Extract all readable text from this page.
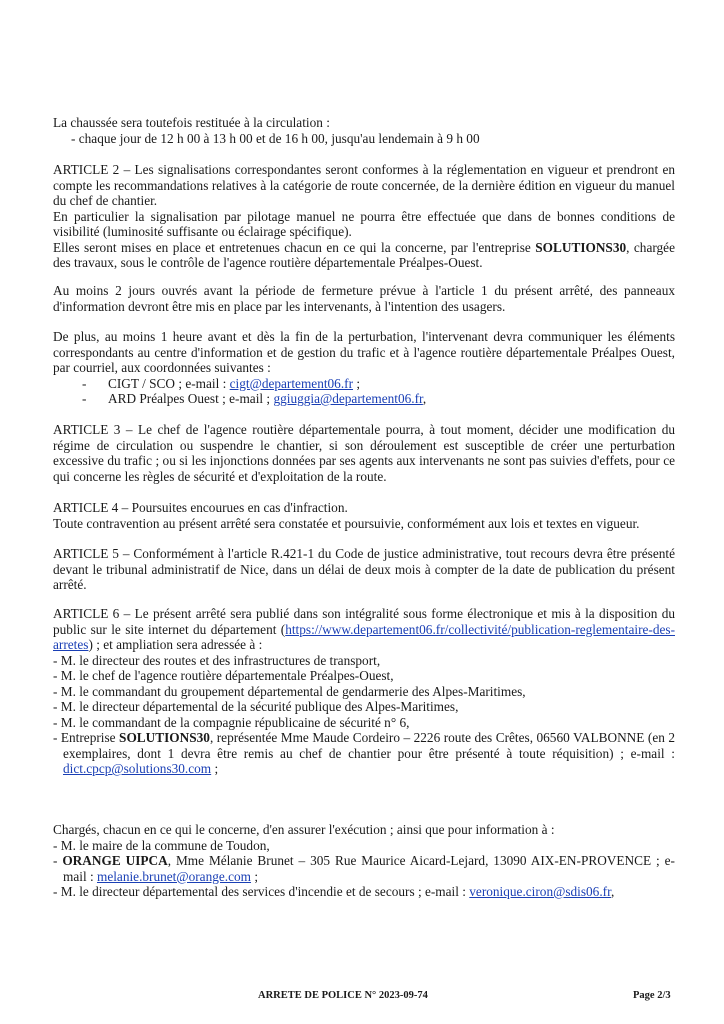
La chaussée sera toutefois restituée à la circulation :

- chaque jour de 12 h 00 à 13 h 00 et de 16 h 00, jusqu'au lendemain à 9 h 00

ARTICLE 2 – Les signalisations correspondantes seront conformes à la réglementation en vigueur et prendront en compte les recommandations relatives à la catégorie de route concernée, de la dernière édition en vigueur du manuel du chef de chantier.

En particulier la signalisation par pilotage manuel ne pourra être effectuée que dans de bonnes conditions de visibilité (luminosité suffisante ou éclairage spécifique).

Elles seront mises en place et entretenues chacun en ce qui la concerne, par l'entreprise SOLUTIONS30, chargée des travaux, sous le contrôle de l'agence routière départementale Préalpes-Ouest.

Au moins 2 jours ouvrés avant la période de fermeture prévue à l'article 1 du présent arrêté, des panneaux d'information devront être mis en place par les intervenants, à l'intention des usagers.

De plus, au moins 1 heure avant et dès la fin de la perturbation, l'intervenant devra communiquer les éléments correspondants au centre d'information et de gestion du trafic et à l'agence routière départementale Préalpes Ouest, par courriel, aux coordonnées suivantes :

- CIGT / SCO ; e-mail : cigt@departement06.fr ;
- ARD Préalpes Ouest ; e-mail ; ggiuggia@departement06.fr,

ARTICLE 3 – Le chef de l'agence routière départementale pourra, à tout moment, décider une modification du régime de circulation ou suspendre le chantier, si son déroulement est susceptible de créer une perturbation excessive du trafic ; ou si les injonctions données par ses agents aux intervenants ne sont pas suivies d'effets, pour ce qui concerne les règles de sécurité et d'exploitation de la route.

ARTICLE 4 – Poursuites encourues en cas d'infraction.

Toute contravention au présent arrêté sera constatée et poursuivie, conformément aux lois et textes en vigueur.

ARTICLE 5 – Conformément à l'article R.421-1 du Code de justice administrative, tout recours devra être présenté devant le tribunal administratif de Nice, dans un délai de deux mois à compter de la date de publication du présent arrêté.

ARTICLE 6 – Le présent arrêté sera publié dans son intégralité sous forme électronique et mis à la disposition du public sur le site internet du département (https://www.departement06.fr/collectivité/publication-reglementaire-des-arretes) ; et ampliation sera adressée à :

- M. le directeur des routes et des infrastructures de transport,

- M. le chef de l'agence routière départementale Préalpes-Ouest,

- M. le commandant du groupement départemental de gendarmerie des Alpes-Maritimes,

- M. le directeur départemental de la sécurité publique des Alpes-Maritimes,

- M. le commandant de la compagnie républicaine de sécurité n° 6,

- Entreprise SOLUTIONS30, représentée Mme Maude Cordeiro – 2226 route des Crêtes, 06560 VALBONNE (en 2 exemplaires, dont 1 devra être remis au chef de chantier pour être présenté à toute réquisition) ; e-mail : dict.cpcp@solutions30.com ;

Chargés, chacun en ce qui le concerne, d'en assurer l'exécution ; ainsi que pour information à :

- M. le maire de la commune de Toudon,

- ORANGE UIPCA, Mme Mélanie Brunet – 305 Rue Maurice Aicard-Lejard, 13090 AIX-EN-PROVENCE ; e-mail : melanie.brunet@orange.com ;

- M. le directeur départemental des services d'incendie et de secours ; e-mail : veronique.ciron@sdis06.fr,

ARRETE DE POLICE N° 2023-09-74	Page 2/3
